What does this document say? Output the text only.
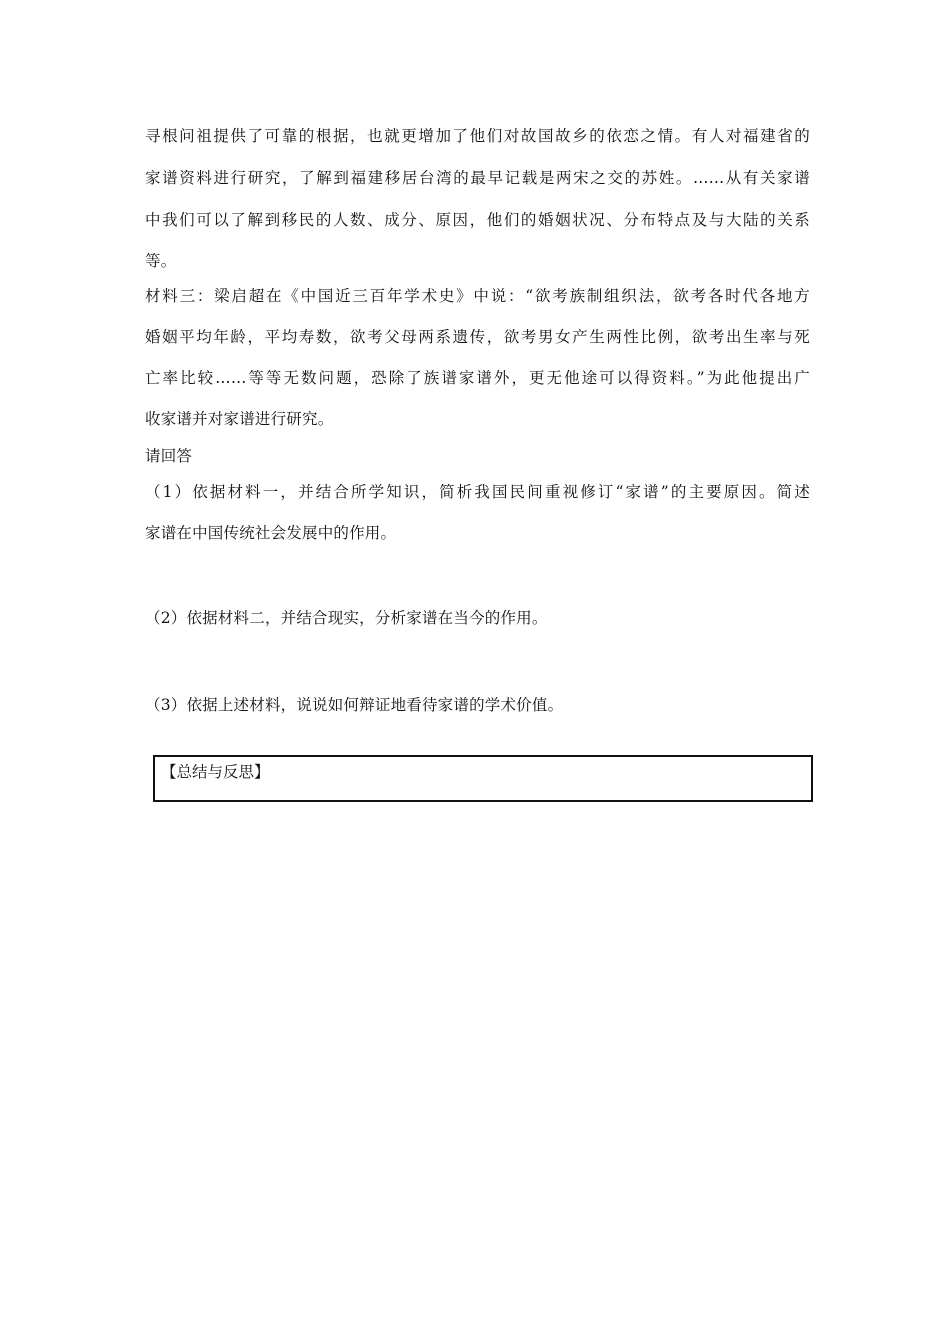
寻根问祖提供了可靠的根据，也就更增加了他们对故国故乡的依恋之情。有人对福建省的
家谱资料进行研究，了解到福建移居台湾的最早记载是两宋之交的苏姓。……从有关家谱
中我们可以了解到移民的人数、成分、原因，他们的婚姻状况、分布特点及与大陆的关系
等。
材料三：梁启超在《中国近三百年学术史》中说：“欲考族制组织法，欲考各时代各地方
婚姻平均年龄，平均寿数，欲考父母两系遗传，欲考男女产生两性比例，欲考出生率与死
亡率比较……等等无数问题，恐除了族谱家谱外，更无他途可以得资料。”为此他提出广
收家谱并对家谱进行研究。
请回答
（1）依据材料一，并结合所学知识，简析我国民间重视修订“家谱”的主要原因。简述
家谱在中国传统社会发展中的作用。
（2）依据材料二，并结合现实，分析家谱在当今的作用。
（3）依据上述材料，说说如何辩证地看待家谱的学术价值。
【总结与反思】
